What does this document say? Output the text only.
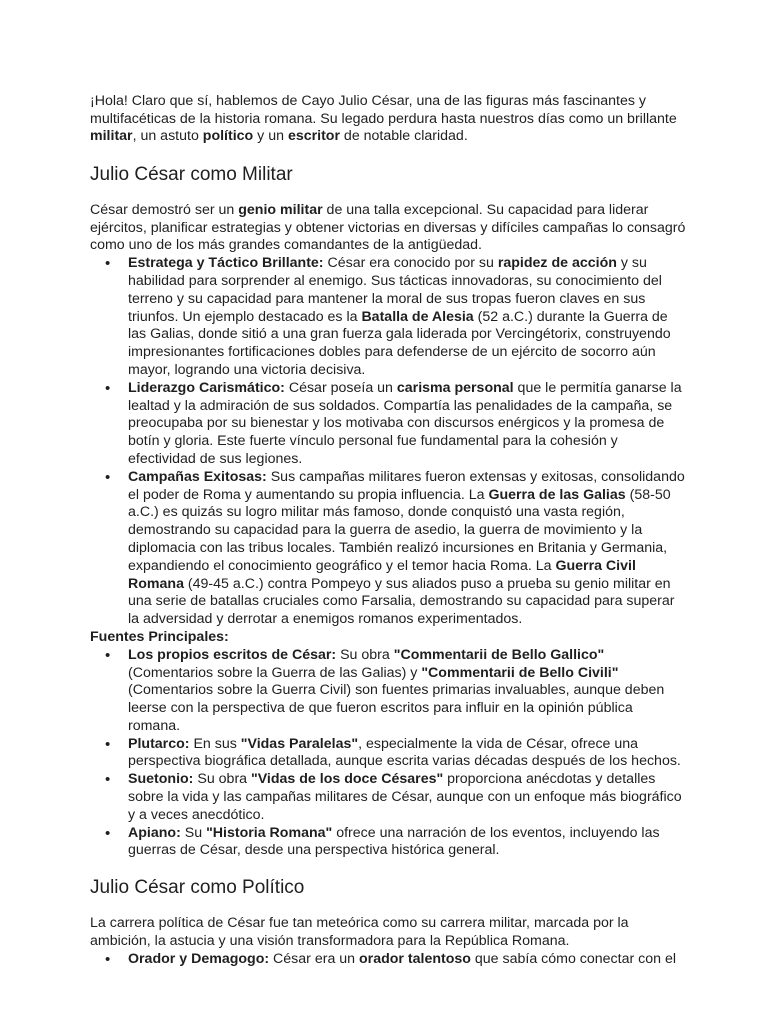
¡Hola! Claro que sí, hablemos de Cayo Julio César, una de las figuras más fascinantes y multifacéticas de la historia romana. Su legado perdura hasta nuestros días como un brillante militar, un astuto político y un escritor de notable claridad.

Julio César como Militar

César demostró ser un genio militar de una talla excepcional. Su capacidad para liderar ejércitos, planificar estrategias y obtener victorias en diversas y difíciles campañas lo consagró como uno de los más grandes comandantes de la antigüedad.

• Estratega y Táctico Brillante: César era conocido por su rapidez de acción y su habilidad para sorprender al enemigo. Sus tácticas innovadoras, su conocimiento del terreno y su capacidad para mantener la moral de sus tropas fueron claves en sus triunfos. Un ejemplo destacado es la Batalla de Alesia (52 a.C.) durante la Guerra de las Galias, donde sitió a una gran fuerza gala liderada por Vercingétorix, construyendo impresionantes fortificaciones dobles para defenderse de un ejército de socorro aún mayor, logrando una victoria decisiva.
• Liderazgo Carismático: César poseía un carisma personal que le permitía ganarse la lealtad y la admiración de sus soldados. Compartía las penalidades de la campaña, se preocupaba por su bienestar y los motivaba con discursos enérgicos y la promesa de botín y gloria. Este fuerte vínculo personal fue fundamental para la cohesión y efectividad de sus legiones.
• Campañas Exitosas: Sus campañas militares fueron extensas y exitosas, consolidando el poder de Roma y aumentando su propia influencia. La Guerra de las Galias (58-50 a.C.) es quizás su logro militar más famoso, donde conquistó una vasta región, demostrando su capacidad para la guerra de asedio, la guerra de movimiento y la diplomacia con las tribus locales. También realizó incursiones en Britania y Germania, expandiendo el conocimiento geográfico y el temor hacia Roma. La Guerra Civil Romana (49-45 a.C.) contra Pompeyo y sus aliados puso a prueba su genio militar en una serie de batallas cruciales como Farsalia, demostrando su capacidad para superar la adversidad y derrotar a enemigos romanos experimentados.

Fuentes Principales:

• Los propios escritos de César: Su obra "Commentarii de Bello Gallico" (Comentarios sobre la Guerra de las Galias) y "Commentarii de Bello Civili" (Comentarios sobre la Guerra Civil) son fuentes primarias invaluables, aunque deben leerse con la perspectiva de que fueron escritos para influir en la opinión pública romana.
• Plutarco: En sus "Vidas Paralelas", especialmente la vida de César, ofrece una perspectiva biográfica detallada, aunque escrita varias décadas después de los hechos.
• Suetonio: Su obra "Vidas de los doce Césares" proporciona anécdotas y detalles sobre la vida y las campañas militares de César, aunque con un enfoque más biográfico y a veces anecdótico.
• Apiano: Su "Historia Romana" ofrece una narración de los eventos, incluyendo las guerras de César, desde una perspectiva histórica general.
Julio César como Político

La carrera política de César fue tan meteórica como su carrera militar, marcada por la ambición, la astucia y una visión transformadora para la República Romana.

• Orador y Demagogo: César era un orador talentoso que sabía cómo conectar con el
